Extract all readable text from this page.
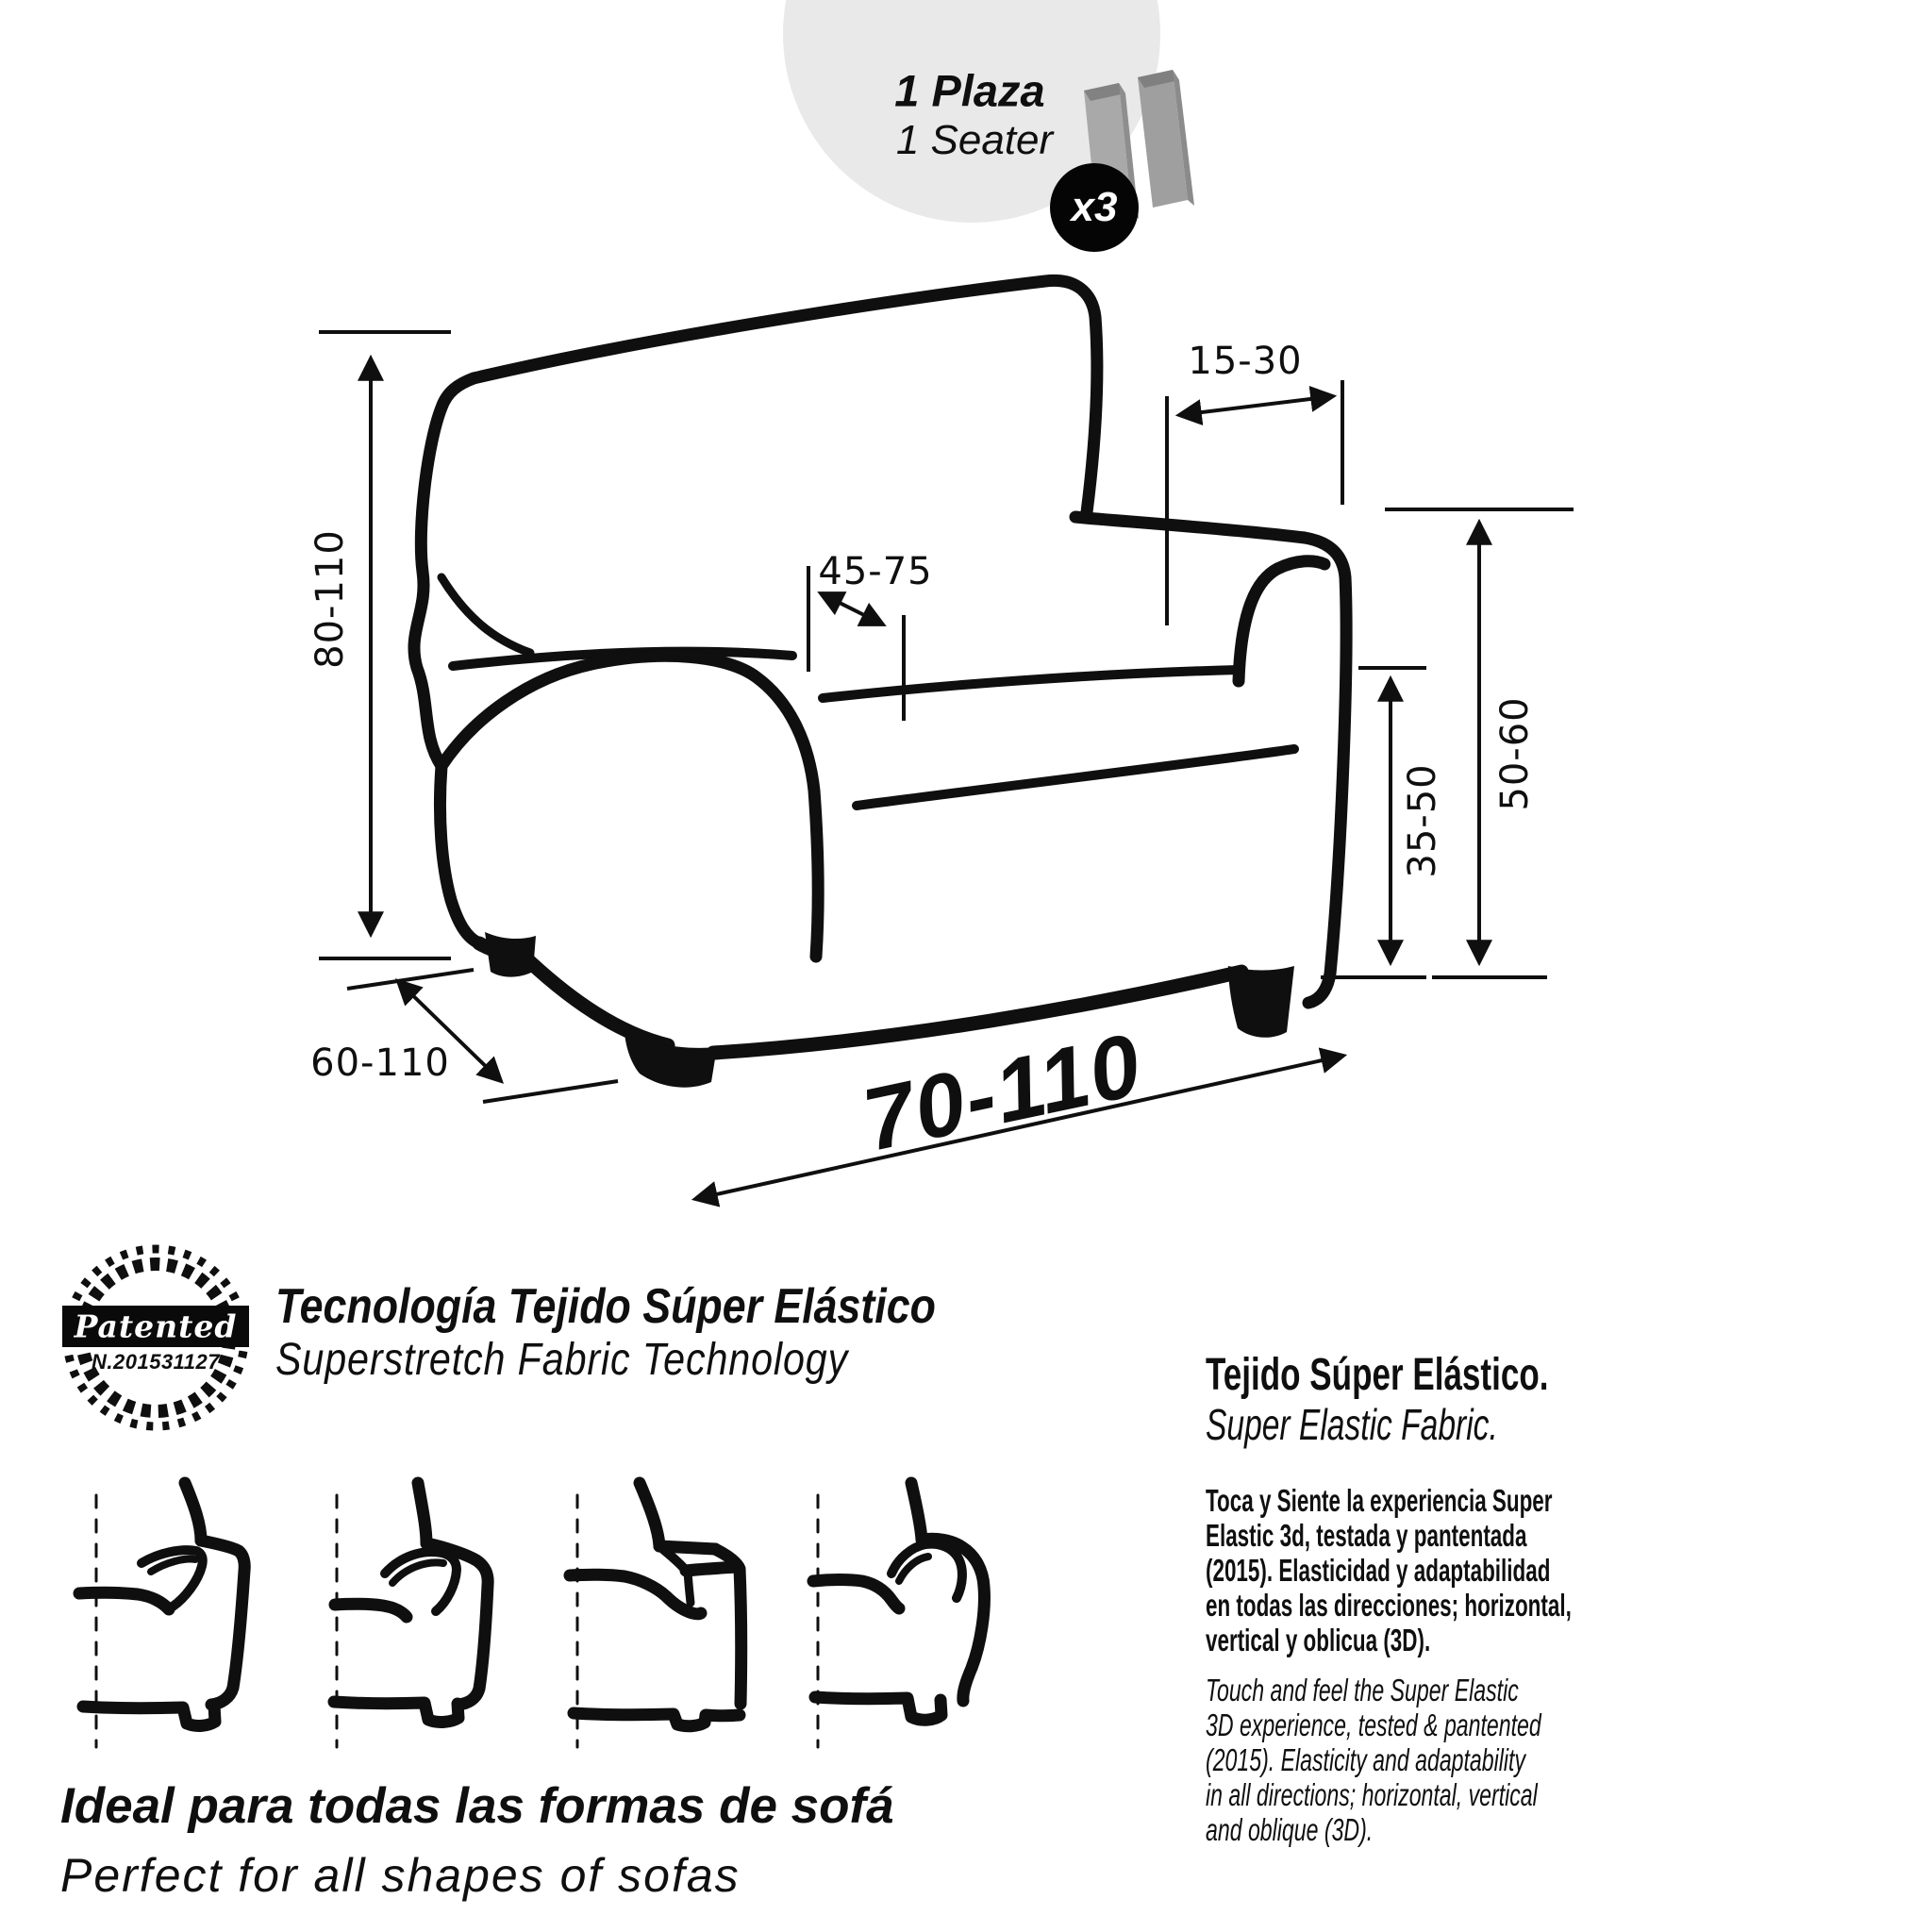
1 Plaza
1 Seater
x3
80-110
15-30
45-75
35-50
50-60
60-110	70-110
Patented
N.201531127
Tecnología Tejido Súper Elástico
Superstretch Fabric Technology	Tejido Súper Elástico.
Super Elastic Fabric.
Toca y Siente la experiencia Super
Elastic 3d, testada y pantentada
(2015). Elasticidad y adaptabilidad
en todas las direcciones; horizontal,
vertical y oblicua (3D).
Touch and feel the Super Elastic
3D experience, tested & pantented
(2015). Elasticity and adaptability
in all directions; horizontal, vertical
and oblique (3D).
Ideal para todas las formas de sofá
Perfect for all shapes of sofas
